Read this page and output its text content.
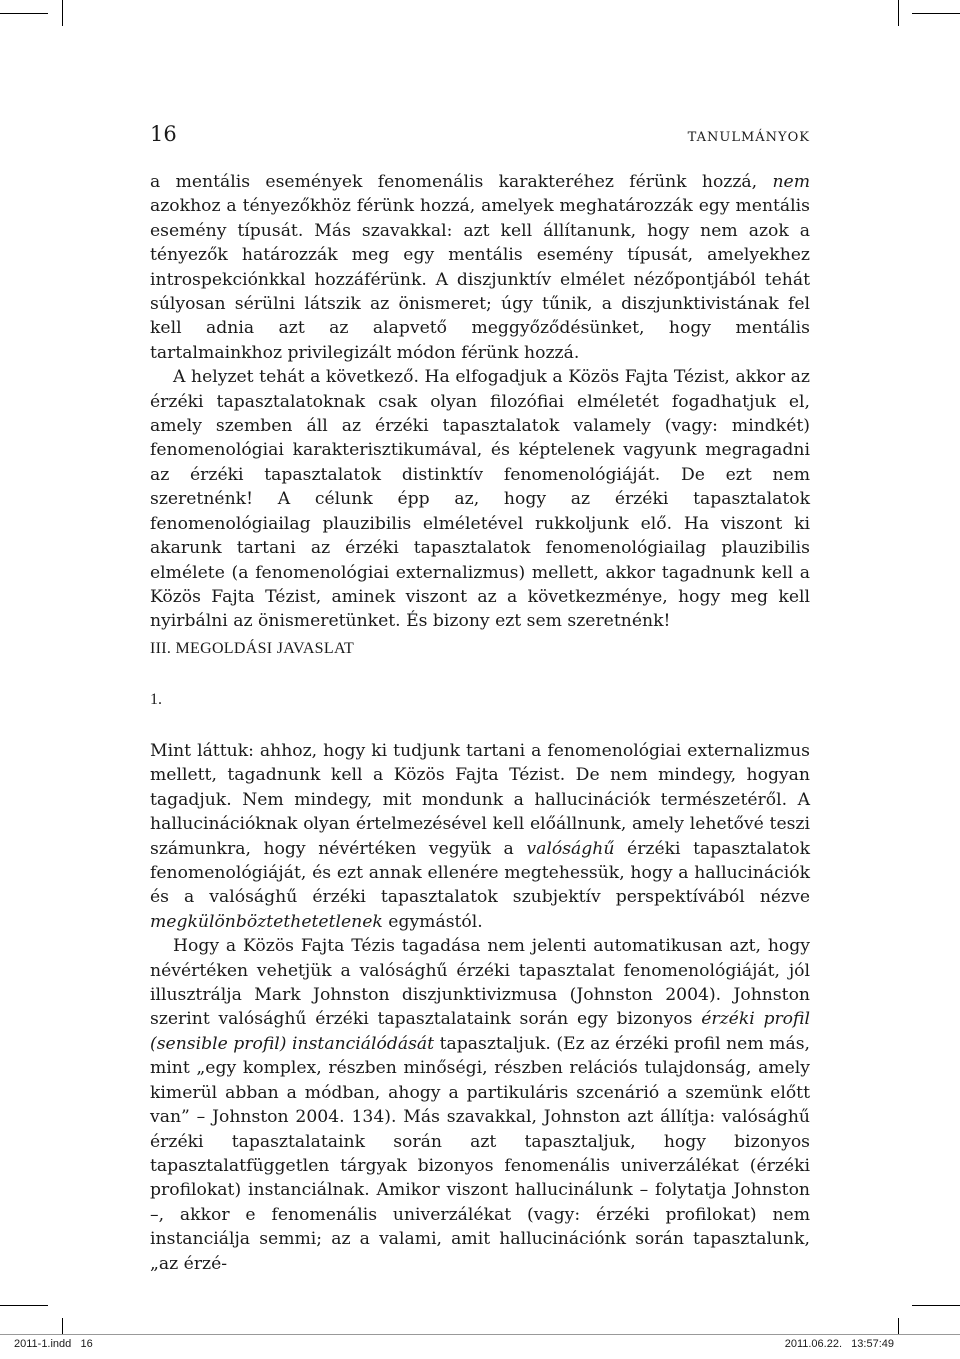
16	TANULMÁNYOK

a mentális események fenomenális karakteréhez férünk hozzá, nem azokhoz a tényezőkhöz férünk hozzá, amelyek meghatározzák egy mentális esemény típusát. Más szavakkal: azt kell állítanunk, hogy nem azok a tényezők határozzák meg egy mentális esemény típusát, amelyekhez introspekciónkkal hozzáférünk. A diszjunktív elmélet nézőpontjából tehát súlyosan sérülni látszik az önismeret; úgy tűnik, a diszjunktivistának fel kell adnia azt az alapvető meggyőződésünket, hogy mentális tartalmainkhoz privilegizált módon férünk hozzá.

A helyzet tehát a következő. Ha elfogadjuk a Közös Fajta Tézist, akkor az érzéki tapasztalatoknak csak olyan filozófiai elméletét fogadhatjuk el, amely szemben áll az érzéki tapasztalatok valamely (vagy: mindkét) fenomenológiai karakterisztikumával, és képtelenek vagyunk megragadni az érzéki tapasztalatok distinktív fenomenológiáját. De ezt nem szeretnénk! A célunk épp az, hogy az érzéki tapasztalatok fenomenológiailag plauzibilis elméletével rukkoljunk elő. Ha viszont ki akarunk tartani az érzéki tapasztalatok fenomenológiailag plauzibilis elmélete (a fenomenológiai externalizmus) mellett, akkor tagadnunk kell a Közös Fajta Tézist, aminek viszont az a következménye, hogy meg kell nyirbálni az önismeretünket. És bizony ezt sem szeretnénk!

III. MEGOLDÁSI JAVASLAT
1.

Mint láttuk: ahhoz, hogy ki tudjunk tartani a fenomenológiai externalizmus mellett, tagadnunk kell a Közös Fajta Tézist. De nem mindegy, hogyan tagadjuk. Nem mindegy, mit mondunk a hallucinációk természetéről. A hallucinációknak olyan értelmezésével kell előállnunk, amely lehetővé teszi számunkra, hogy névértéken vegyük a valósághű érzéki tapasztalatok fenomenológiáját, és ezt annak ellenére megtehessük, hogy a hallucinációk és a valósághű érzéki tapasztalatok szubjektív perspektívából nézve megkülönböztethetetlenek egymástól.

Hogy a Közös Fajta Tézis tagadása nem jelenti automatikusan azt, hogy névértéken vehetjük a valósághű érzéki tapasztalat fenomenológiáját, jól illusztrálja Mark Johnston diszjunktivizmusa (Johnston 2004). Johnston szerint valósághű érzéki tapasztalataink során egy bizonyos érzéki profil (sensible profil) instanciálódását tapasztaljuk. (Ez az érzéki profil nem más, mint „egy komplex, részben minőségi, részben relációs tulajdonság, amely kimerül abban a módban, ahogy a partikuláris szcenárió a szemünk előtt van” – Johnston 2004. 134). Más szavakkal, Johnston azt állítja: valósághű érzéki tapasztalataink során azt tapasztaljuk, hogy bizonyos tapasztalatfüggetlen tárgyak bizonyos fenomenális univerzálékat (érzéki profilokat) instanciálnak. Amikor viszont hallucinálunk – folytatja Johnston –, akkor e fenomenális univerzálékat (vagy: érzéki profilokat) nem instanciálja semmi; az a valami, amit hallucinációnk során tapasztalunk, „az érzé-

2011-1.indd   16	2011.06.22.   13:57:49
